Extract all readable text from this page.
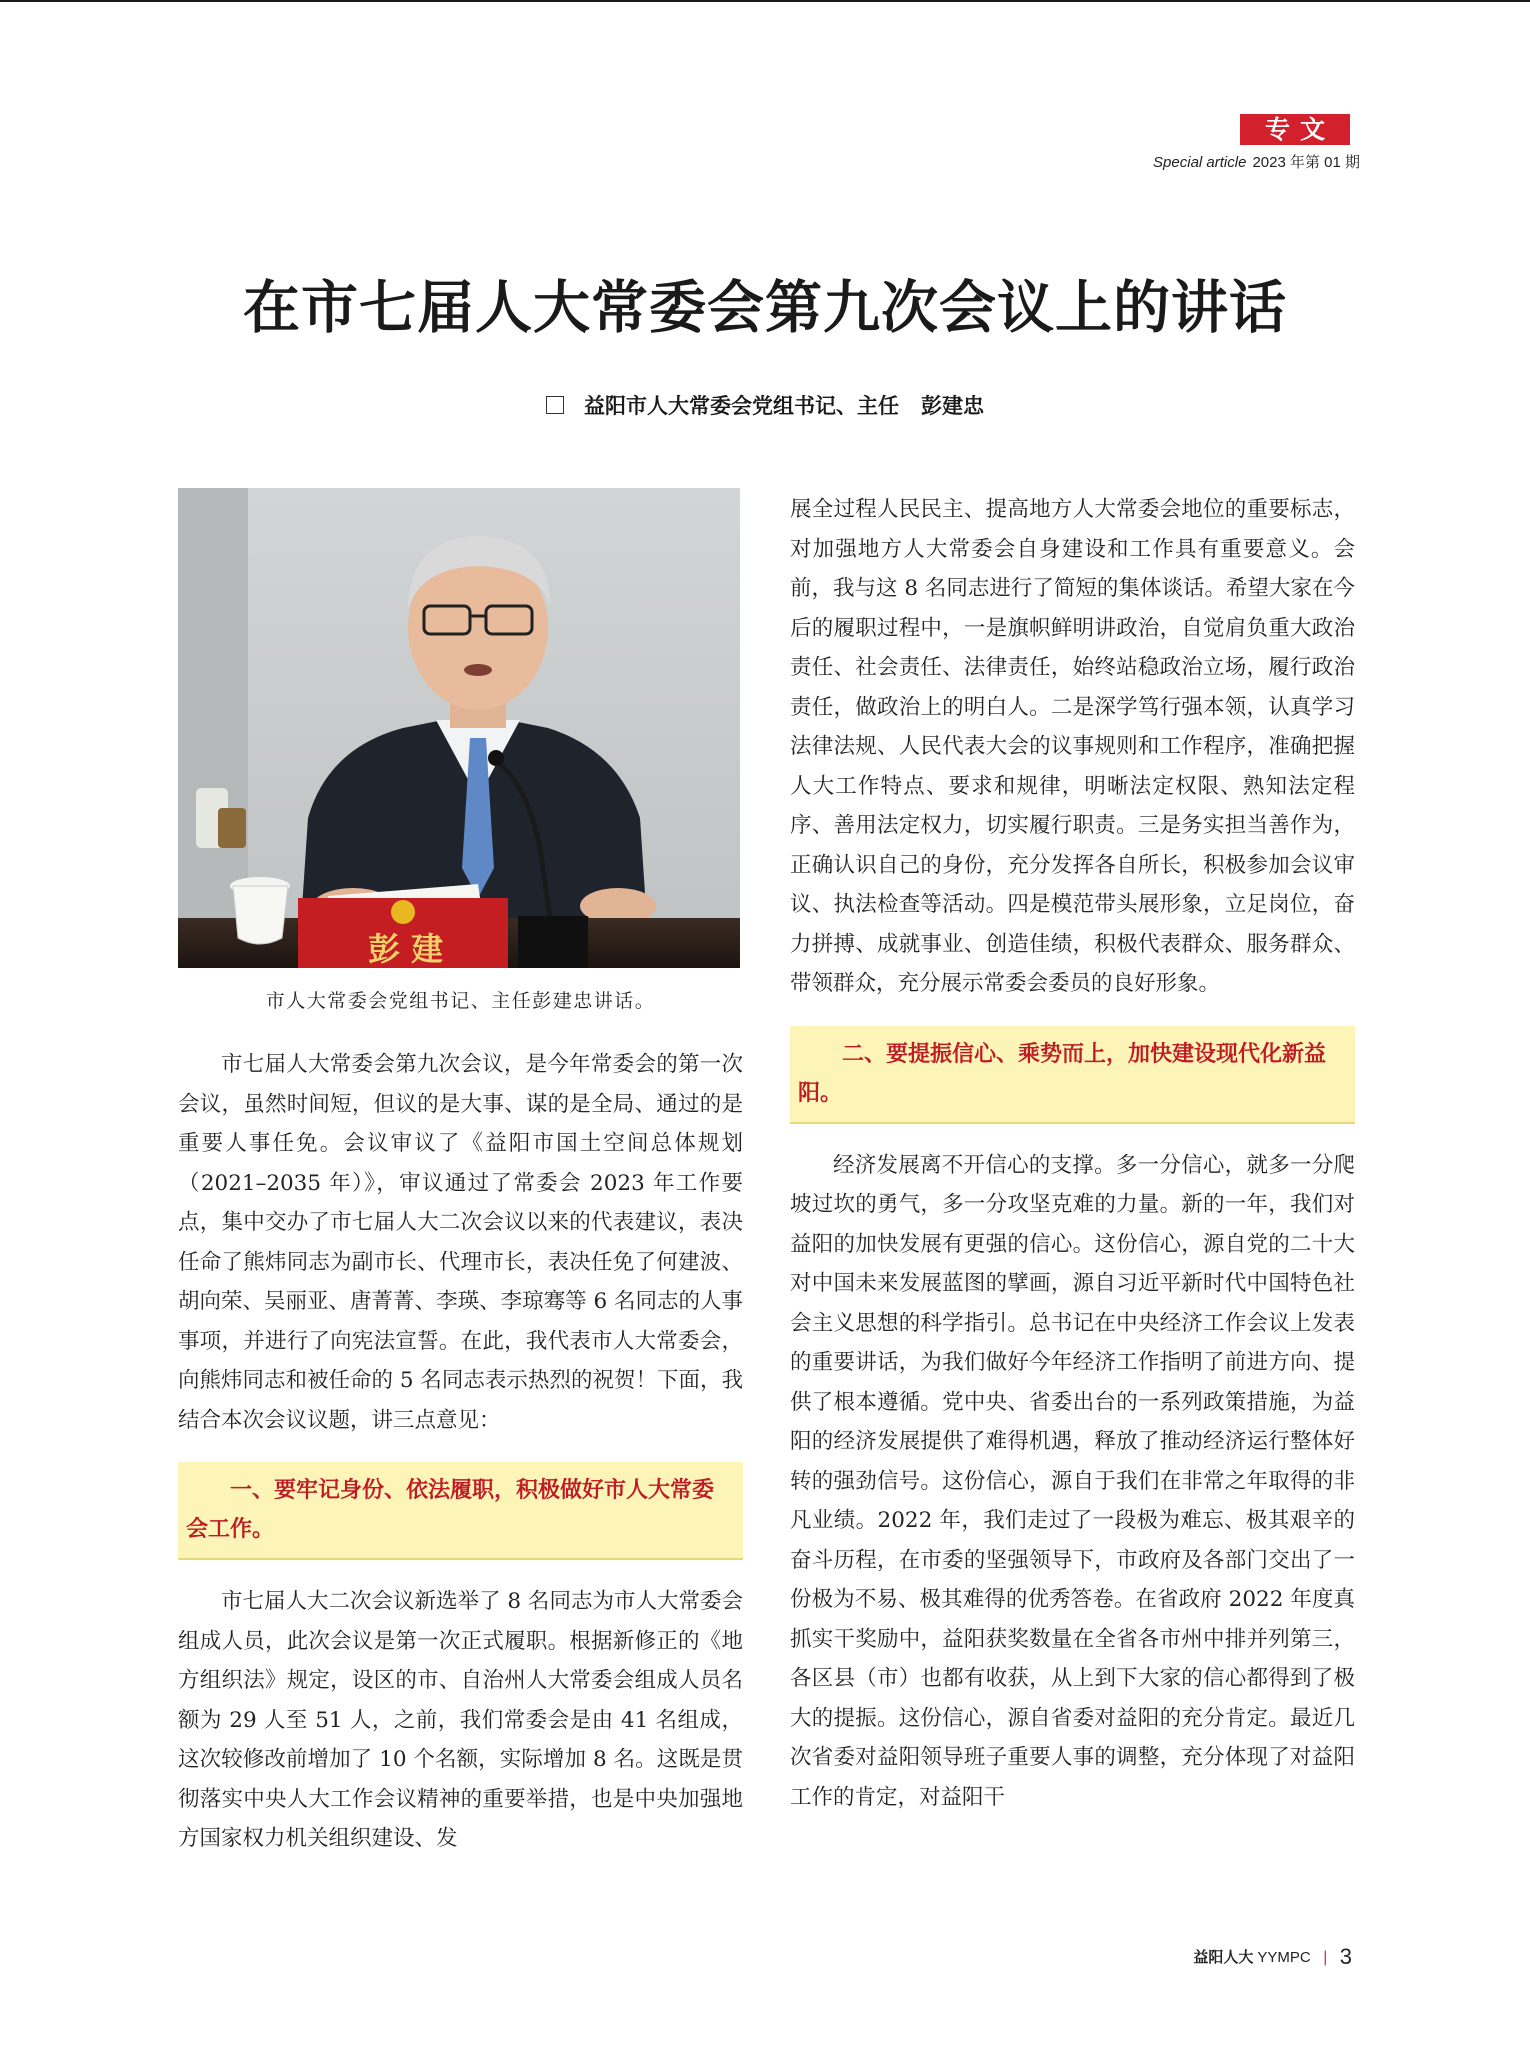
专文
Special article 2023 年第 01 期
在市七届人大常委会第九次会议上的讲话
益阳市人大常委会党组书记、主任 彭建忠
彭 建
市人大常委会党组书记、主任彭建忠讲话。

市七届人大常委会第九次会议，是今年常委会的第一次会议，虽然时间短，但议的是大事、谋的是全局、通过的是重要人事任免。会议审议了《益阳市国土空间总体规划（2021–2035 年）》，审议通过了常委会 2023 年工作要点，集中交办了市七届人大二次会议以来的代表建议，表决任命了熊炜同志为副市长、代理市长，表决任免了何建波、胡向荣、吴丽亚、唐菁菁、李瑛、李琼骞等 6 名同志的人事事项，并进行了向宪法宣誓。在此，我代表市人大常委会，向熊炜同志和被任命的 5 名同志表示热烈的祝贺！下面，我结合本次会议议题，讲三点意见：

一、要牢记身份、依法履职，积极做好市人大常委会工作。

市七届人大二次会议新选举了 8 名同志为市人大常委会组成人员，此次会议是第一次正式履职。根据新修正的《地方组织法》规定，设区的市、自治州人大常委会组成人员名额为 29 人至 51 人，之前，我们常委会是由 41 名组成，这次较修改前增加了 10 个名额，实际增加 8 名。这既是贯彻落实中央人大工作会议精神的重要举措，也是中央加强地方国家权力机关组织建设、发

展全过程人民民主、提高地方人大常委会地位的重要标志，对加强地方人大常委会自身建设和工作具有重要意义。会前，我与这 8 名同志进行了简短的集体谈话。希望大家在今后的履职过程中，一是旗帜鲜明讲政治，自觉肩负重大政治责任、社会责任、法律责任，始终站稳政治立场，履行政治责任，做政治上的明白人。二是深学笃行强本领，认真学习法律法规、人民代表大会的议事规则和工作程序，准确把握人大工作特点、要求和规律，明晰法定权限、熟知法定程序、善用法定权力，切实履行职责。三是务实担当善作为，正确认识自己的身份，充分发挥各自所长，积极参加会议审议、执法检查等活动。四是模范带头展形象，立足岗位，奋力拼搏、成就事业、创造佳绩，积极代表群众、服务群众、带领群众，充分展示常委会委员的良好形象。

二、要提振信心、乘势而上，加快建设现代化新益阳。

经济发展离不开信心的支撑。多一分信心，就多一分爬坡过坎的勇气，多一分攻坚克难的力量。新的一年，我们对益阳的加快发展有更强的信心。这份信心，源自党的二十大对中国未来发展蓝图的擘画，源自习近平新时代中国特色社会主义思想的科学指引。总书记在中央经济工作会议上发表的重要讲话，为我们做好今年经济工作指明了前进方向、提供了根本遵循。党中央、省委出台的一系列政策措施，为益阳的经济发展提供了难得机遇，释放了推动经济运行整体好转的强劲信号。这份信心，源自于我们在非常之年取得的非凡业绩。2022 年，我们走过了一段极为难忘、极其艰辛的奋斗历程，在市委的坚强领导下，市政府及各部门交出了一份极为不易、极其难得的优秀答卷。在省政府 2022 年度真抓实干奖励中，益阳获奖数量在全省各市州中排并列第三，各区县（市）也都有收获，从上到下大家的信心都得到了极大的提振。这份信心，源自省委对益阳的充分肯定。最近几次省委对益阳领导班子重要人事的调整，充分体现了对益阳工作的肯定，对益阳干

益阳人大 YYMPC | 3
